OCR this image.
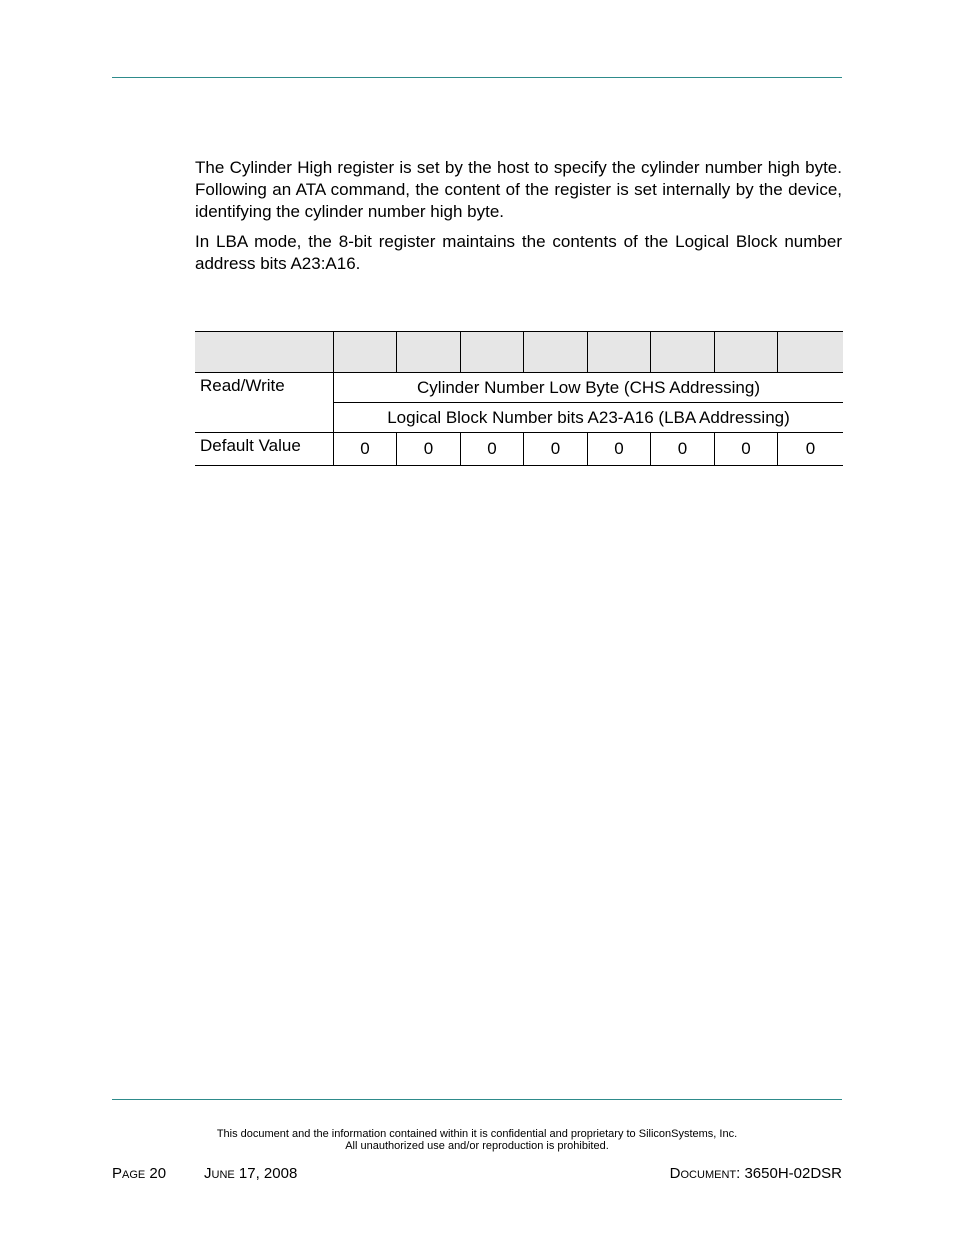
The Cylinder High register is set by the host to specify the cylinder number high byte. Following an ATA command, the content of the register is set internally by the device, identifying the cylinder number high byte.

In LBA mode, the 8-bit register maintains the contents of the Logical Block number address bits A23:A16.

Read/Write	Cylinder Number Low Byte (CHS Addressing)							
	Logical Block Number bits A23-A16 (LBA Addressing)							
Default Value	0	0	0	0	0	0	0	0
This document and the information contained within it is confidential and proprietary to SiliconSystems, Inc.
All unauthorized use and/or reproduction is prohibited.
PAGE 20	JUNE 17, 2008	DOCUMENT: 3650H-02DSR
